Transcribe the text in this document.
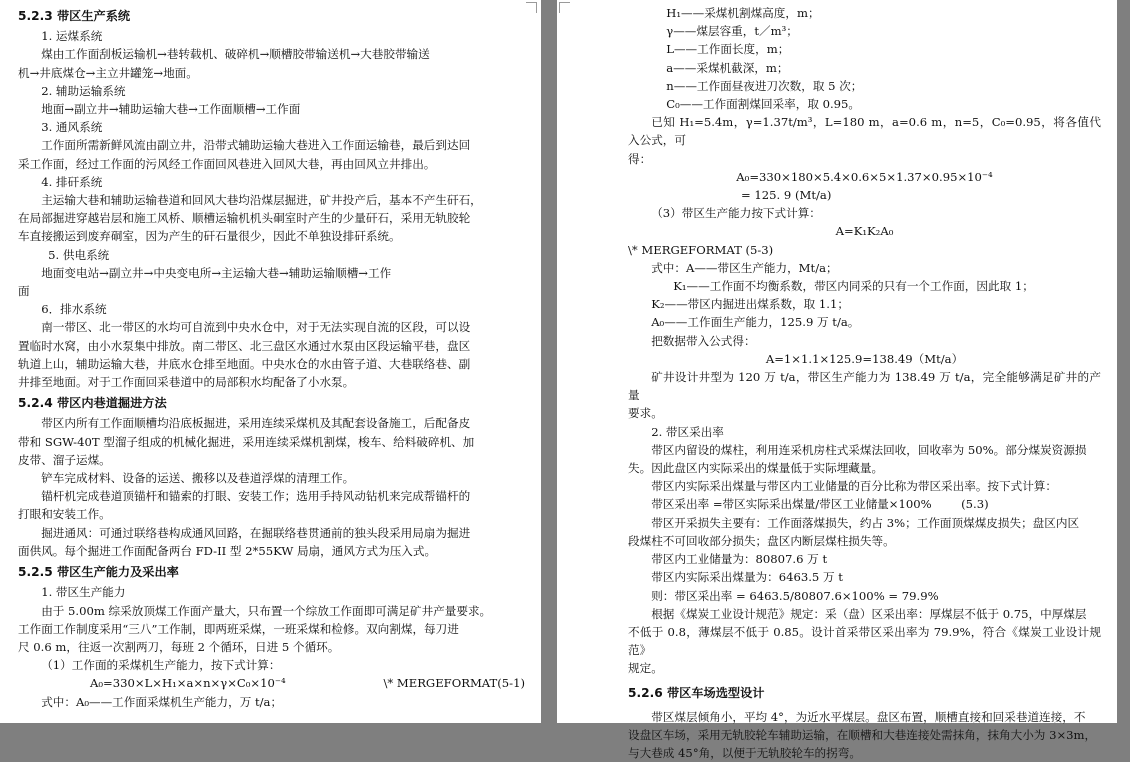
5.2.3 带区生产系统

1. 运煤系统

煤由工作面刮板运输机→巷转载机、破碎机→顺槽胶带输送机→大巷胶带输送

机→井底煤仓→主立井罐笼→地面。

2. 辅助运输系统

地面→副立井→辅助运输大巷→工作面顺槽→工作面

3. 通风系统

工作面所需新鲜风流由副立井，沿带式辅助运输大巷进入工作面运输巷，最后到达回

采工作面，经过工作面的污风经工作面回风巷进入回风大巷，再由回风立井排出。

4. 排矸系统

主运输大巷和辅助运输巷道和回风大巷均沿煤层掘进，矿井投产后，基本不产生矸石，

在局部掘进穿越岩层和施工风桥、顺槽运输机机头硐室时产生的少量矸石，采用无轨胶轮

车直接搬运到废弃硐室，因为产生的矸石量很少，因此不单独设排矸系统。

5. 供电系统

地面变电站→副立井→中央变电所→主运输大巷→辅助运输顺槽→工作

面

6．排水系统

南一带区、北一带区的水均可自流到中央水仓中，对于无法实现自流的区段，可以设

置临时水窝，由小水泵集中排放。南二带区、北三盘区水通过水泵由区段运输平巷，盘区

轨道上山，辅助运输大巷，井底水仓排至地面。中央水仓的水由管子道、大巷联络巷、副

井排至地面。对于工作面回采巷道中的局部积水均配备了小水泵。

5.2.4 带区内巷道掘进方法

带区内所有工作面顺槽均沿底板掘进，采用连续采煤机及其配套设备施工，后配备皮

带和 SGW-40T 型溜子组成的机械化掘进，采用连续采煤机割煤，梭车、给料破碎机、加

皮带、溜子运煤。

铲车完成材料、设备的运送、搬移以及巷道浮煤的清理工作。

锚杆机完成巷道顶锚杆和锚索的打眼、安装工作；选用手持风动钻机来完成帮锚杆的

打眼和安装工作。

掘进通风：可通过联络巷构成通风回路，在掘联络巷贯通前的独头段采用局扇为掘进

面供风。每个掘进工作面配备两台 FD-II 型 2*55KW 局扇，通风方式为压入式。

5.2.5 带区生产能力及采出率

1. 带区生产能力

由于 5.00m 综采放顶煤工作面产量大，只布置一个综放工作面即可满足矿井产量要求。

工作面工作制度采用“三八”工作制，即两班采煤，一班采煤和检修。双向割煤，每刀进

尺 0.6 m，往返一次割两刀，每班 2 个循环，日进 5 个循环。

（1）工作面的采煤机生产能力，按下式计算：

A₀=330×L×H₁×a×n×γ×C₀×10⁻⁴	\* MERGEFORMAT(5-1)

式中：A₀——工作面采煤机生产能力，万 t/a；

H₁——采煤机割煤高度，m；

γ——煤层容重，t／m³；

L——工作面长度，m；

a——采煤机截深，m；

n——工作面昼夜进刀次数，取 5 次；

C₀——工作面割煤回采率，取 0.95。

已知 H₁=5.4m，γ=1.37t/m³，L=180 m，a=0.6 m，n=5，C₀=0.95，将各值代入公式，可

得：

A₀=330×180×5.4×0.6×5×1.37×0.95×10⁻⁴

= 125. 9 (Mt/a)

（3）带区生产能力按下式计算：

A=K₁K₂A₀

\* MERGEFORMAT (5-3)

式中：A——带区生产能力，Mt/a；

K₁——工作面不均衡系数，带区内同采的只有一个工作面，因此取 1；

K₂——带区内掘进出煤系数，取 1.1；

A₀——工作面生产能力，125.9 万 t/a。

把数据带入公式得：

A=1×1.1×125.9=138.49（Mt/a）

矿井设计井型为 120 万 t/a，带区生产能力为 138.49 万 t/a，完全能够满足矿井的产量

要求。

2. 带区采出率

带区内留设的煤柱，利用连采机房柱式采煤法回收，回收率为 50%。部分煤炭资源损

失。因此盘区内实际采出的煤量低于实际埋藏量。

带区内实际采出煤量与带区内工业储量的百分比称为带区采出率。按下式计算：

带区采出率 =带区实际采出煤量/带区工业储量×100%        (5.3)

带区开采损失主要有：工作面落煤损失，约占 3%；工作面顶煤煤皮损失；盘区内区

段煤柱不可回收部分损失；盘区内断层煤柱损失等。

带区内工业储量为：80807.6 万 t

带区内实际采出煤量为：6463.5 万 t

则：带区采出率 = 6463.5/80807.6×100% = 79.9%

根据《煤炭工业设计规范》规定：采（盘）区采出率：厚煤层不低于 0.75，中厚煤层

不低于 0.8，薄煤层不低于 0.85。设计首采带区采出率为 79.9%，符合《煤炭工业设计规范》

规定。

5.2.6 带区车场选型设计

带区煤层倾角小，平均 4°，为近水平煤层。盘区布置，顺槽直接和回采巷道连接，不

设盘区车场，采用无轨胶轮车辅助运输，在顺槽和大巷连接处需抹角，抹角大小为 3×3m，

与大巷成 45°角，以便于无轨胶轮车的拐弯。
